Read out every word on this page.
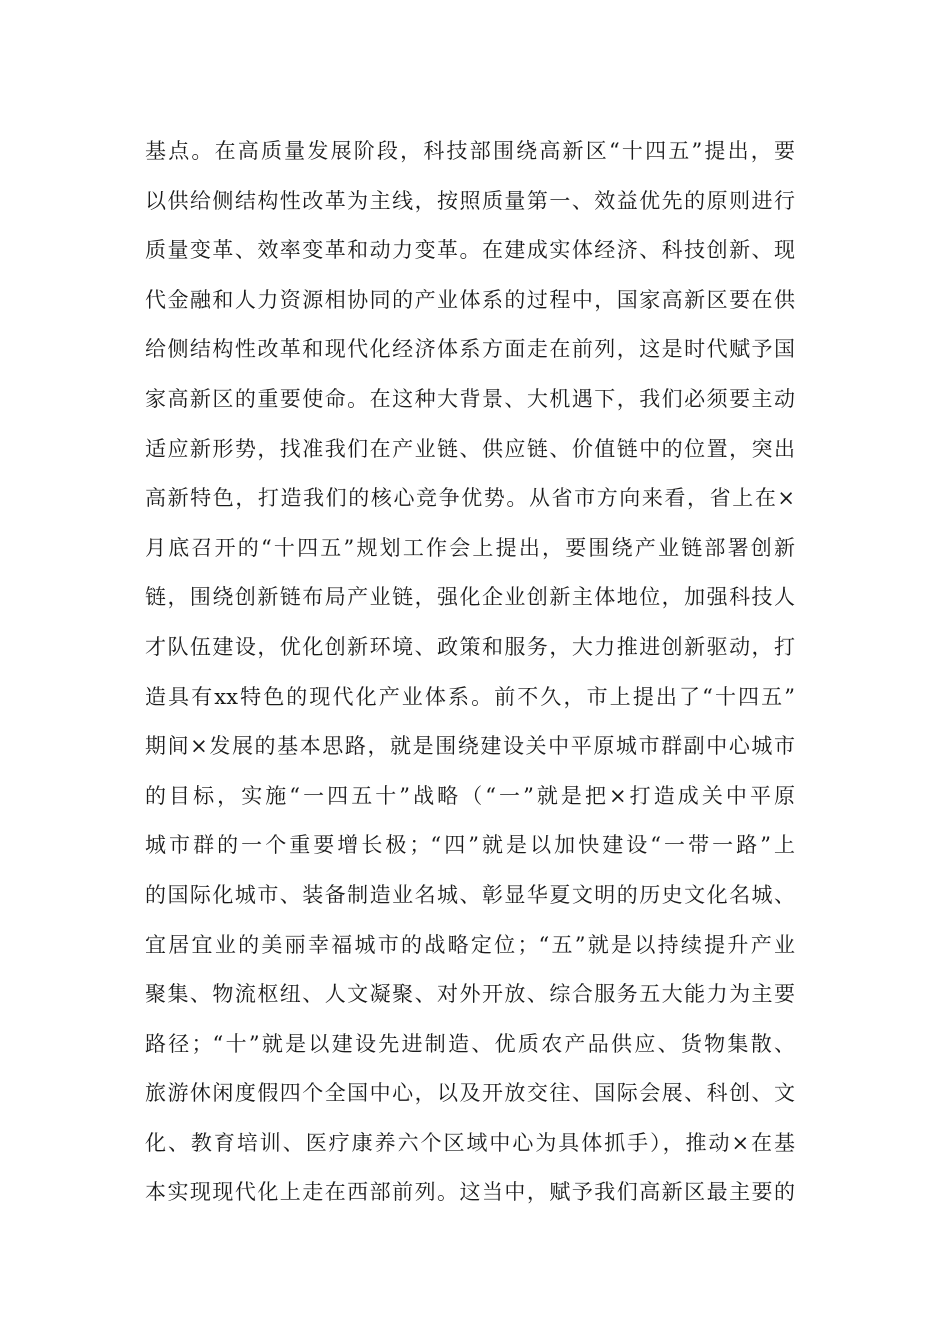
基点。在高质量发展阶段，科技部围绕高新区“十四五”提出，要
以供给侧结构性改革为主线，按照质量第一、效益优先的原则进行
质量变革、效率变革和动力变革。在建成实体经济、科技创新、现
代金融和人力资源相协同的产业体系的过程中，国家高新区要在供
给侧结构性改革和现代化经济体系方面走在前列，这是时代赋予国
家高新区的重要使命。在这种大背景、大机遇下，我们必须要主动
适应新形势，找准我们在产业链、供应链、价值链中的位置，突出
高新特色，打造我们的核心竞争优势。从省市方向来看，省上在×
月底召开的“十四五”规划工作会上提出，要围绕产业链部署创新
链，围绕创新链布局产业链，强化企业创新主体地位，加强科技人
才队伍建设，优化创新环境、政策和服务，大力推进创新驱动，打
造具有xx特色的现代化产业体系。前不久，市上提出了“十四五”
期间×发展的基本思路，就是围绕建设关中平原城市群副中心城市
的目标，实施“一四五十”战略（“一”就是把×打造成关中平原
城市群的一个重要增长极；“四”就是以加快建设“一带一路”上
的国际化城市、装备制造业名城、彰显华夏文明的历史文化名城、
宜居宜业的美丽幸福城市的战略定位；“五”就是以持续提升产业
聚集、物流枢纽、人文凝聚、对外开放、综合服务五大能力为主要
路径；“十”就是以建设先进制造、优质农产品供应、货物集散、
旅游休闲度假四个全国中心，以及开放交往、国际会展、科创、文
化、教育培训、医疗康养六个区域中心为具体抓手），推动×在基
本实现现代化上走在西部前列。这当中，赋予我们高新区最主要的
